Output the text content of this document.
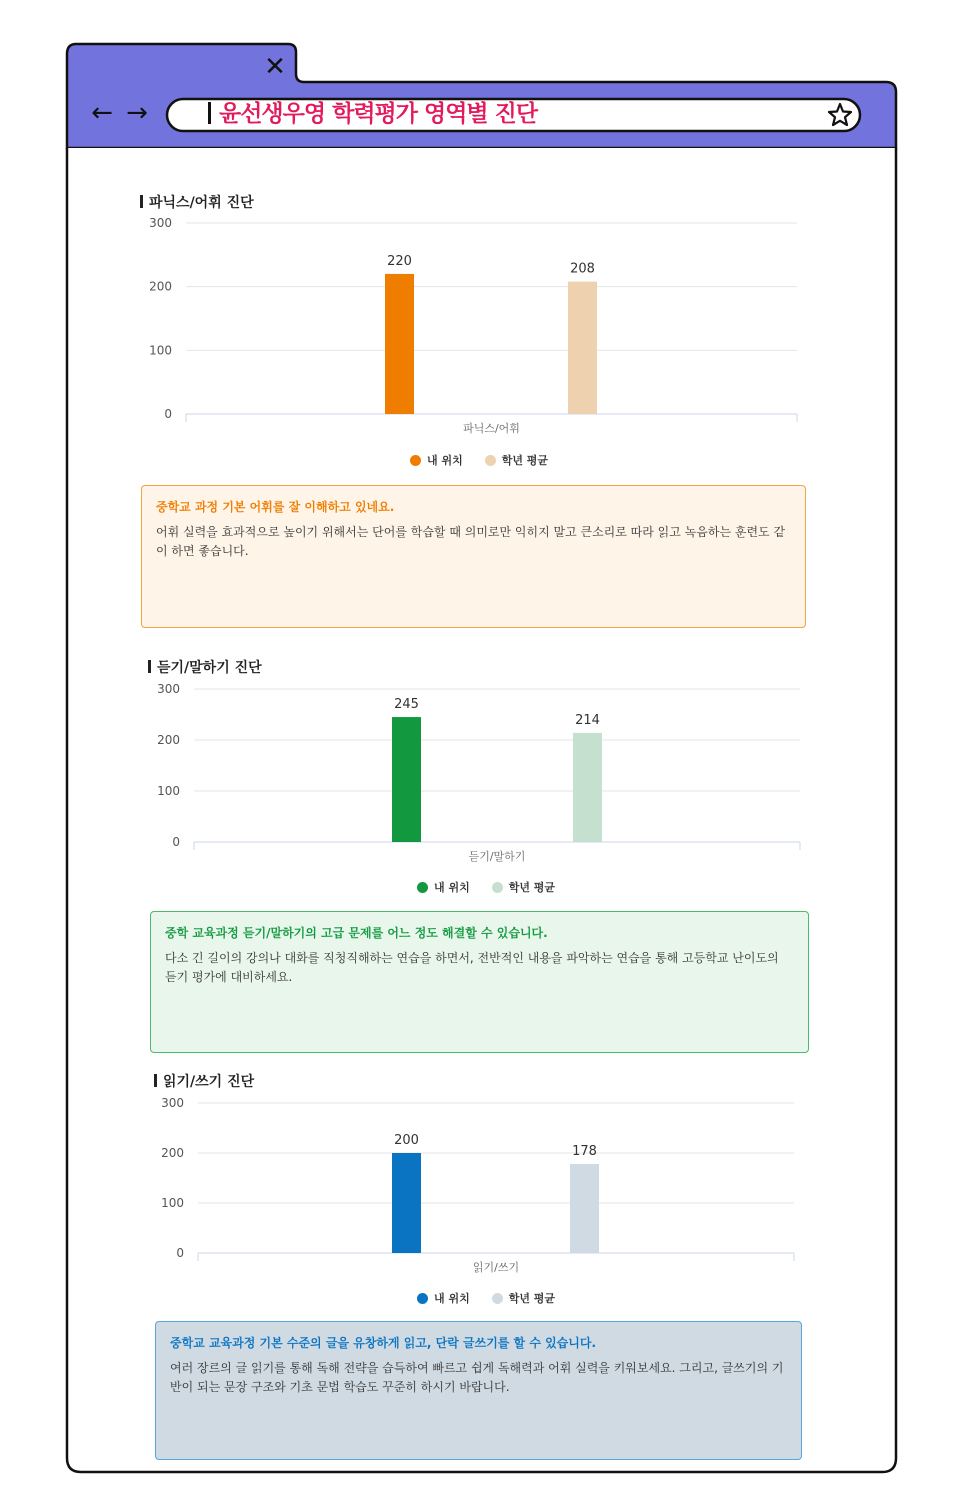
✕
← →	윤선생우영 학력평가 영역별 진단
파닉스/어휘 진단
0
100
200
300
220
208
파닉스/어휘
내 위치	학년 평균
중학교 과정 기본 어휘를 잘 이해하고 있네요.
어휘 실력을 효과적으로 높이기 위해서는 단어를 학습할 때 의미로만 익히지 말고 큰소리로 따라 읽고 녹음하는 훈련도 같이 하면 좋습니다.
듣기/말하기 진단
0
100
200
300
245
214
듣기/말하기
내 위치	학년 평균
중학 교육과정 듣기/말하기의 고급 문제를 어느 정도 해결할 수 있습니다.
다소 긴 길이의 강의나 대화를 직청직해하는 연습을 하면서, 전반적인 내용을 파악하는 연습을 통해 고등학교 난이도의 듣기 평가에 대비하세요.
읽기/쓰기 진단
0
100
200
300
200
178
읽기/쓰기
내 위치	학년 평균
중학교 교육과정 기본 수준의 글을 유창하게 읽고, 단락 글쓰기를 할 수 있습니다.
여러 장르의 글 읽기를 통해 독해 전략을 습득하여 빠르고 쉽게 독해력과 어휘 실력을 키워보세요. 그리고, 글쓰기의 기반이 되는 문장 구조와 기초 문법 학습도 꾸준히 하시기 바랍니다.
